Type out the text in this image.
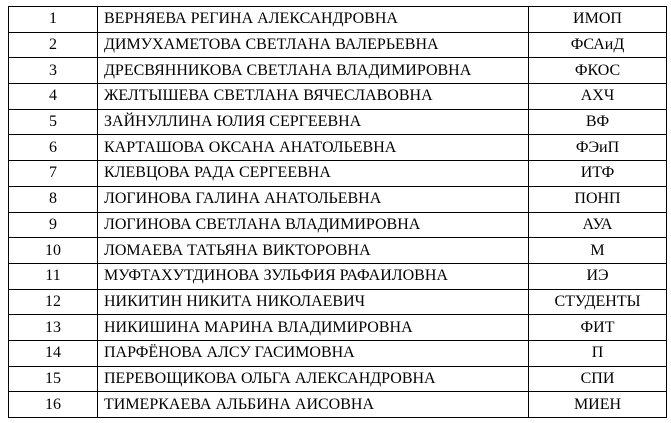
1	ВЕРНЯЕВА РЕГИНА АЛЕКСАНДРОВНА	ИМОП
2	ДИМУХАМЕТОВА СВЕТЛАНА ВАЛЕРЬЕВНА	ФСАиД
3	ДРЕСВЯННИКОВА СВЕТЛАНА ВЛАДИМИРОВНА	ФКОС
4	ЖЕЛТЫШЕВА СВЕТЛАНА ВЯЧЕСЛАВОВНА	АХЧ
5	ЗАЙНУЛЛИНА ЮЛИЯ СЕРГЕЕВНА	ВФ
6	КАРТАШОВА ОКСАНА АНАТОЛЬЕВНА	ФЭиП
7	КЛЕВЦОВА РАДА СЕРГЕЕВНА	ИТФ
8	ЛОГИНОВА ГАЛИНА АНАТОЛЬЕВНА	ПОНП
9	ЛОГИНОВА СВЕТЛАНА ВЛАДИМИРОВНА	АУА
10	ЛОМАЕВА ТАТЬЯНА ВИКТОРОВНА	М
11	МУФТАХУТДИНОВА ЗУЛЬФИЯ РАФАИЛОВНА	ИЭ
12	НИКИТИН НИКИТА НИКОЛАЕВИЧ	СТУДЕНТЫ
13	НИКИШИНА МАРИНА ВЛАДИМИРОВНА	ФИТ
14	ПАРФЁНОВА АЛСУ ГАСИМОВНА	П
15	ПЕРЕВОЩИКОВА ОЛЬГА АЛЕКСАНДРОВНА	СПИ
16	ТИМЕРКАЕВА АЛЬБИНА АИСОВНА	МИЕН
